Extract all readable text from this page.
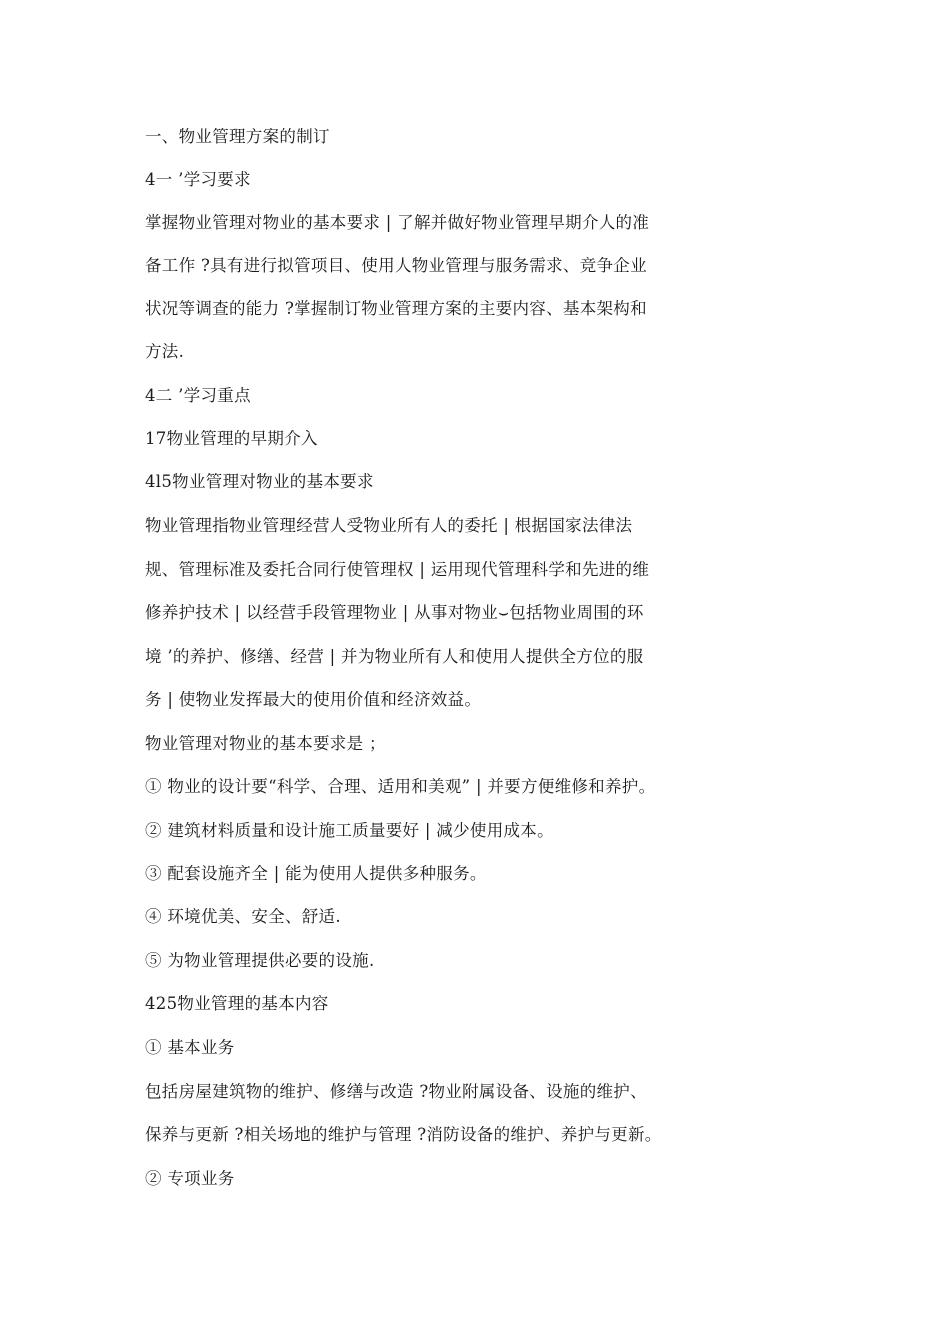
一、物业管理方案的制订
4一 ’学习要求
掌握物业管理对物业的基本要求 | 了解并做好物业管理早期介人的准
备工作 ?具有进行拟管项目、使用人物业管理与服务需求、竞争企业
状况等调查的能力 ?掌握制订物业管理方案的主要内容、基本架构和
方法.
4二 ’学习重点
17物业管理的早期介入
4l5物业管理对物业的基本要求
物业管理指物业管理经营人受物业所有人的委托 | 根据国家法律法
规、管理标准及委托合同行使管理权 | 运用现代管理科学和先进的维
修养护技术 | 以经营手段管理物业 | 从事对物业⌣包括物业周围的环
境 ’的养护、修缮、经营 | 并为物业所有人和使用人提供全方位的服
务 | 使物业发挥最大的使用价值和经济效益。
物业管理对物业的基本要求是 ；
① 物业的设计要“科学、合理、适用和美观” | 并要方便维修和养护。
② 建筑材料质量和设计施工质量要好 | 减少使用成本。
③ 配套设施齐全 | 能为使用人提供多种服务。
④ 环境优美、安全、舒适.
⑤ 为物业管理提供必要的设施.
425物业管理的基本内容
① 基本业务
包括房屋建筑物的维护、修缮与改造 ?物业附属设备、设施的维护、
保养与更新 ?相关场地的维护与管理 ?消防设备的维护、养护与更新。
② 专项业务
